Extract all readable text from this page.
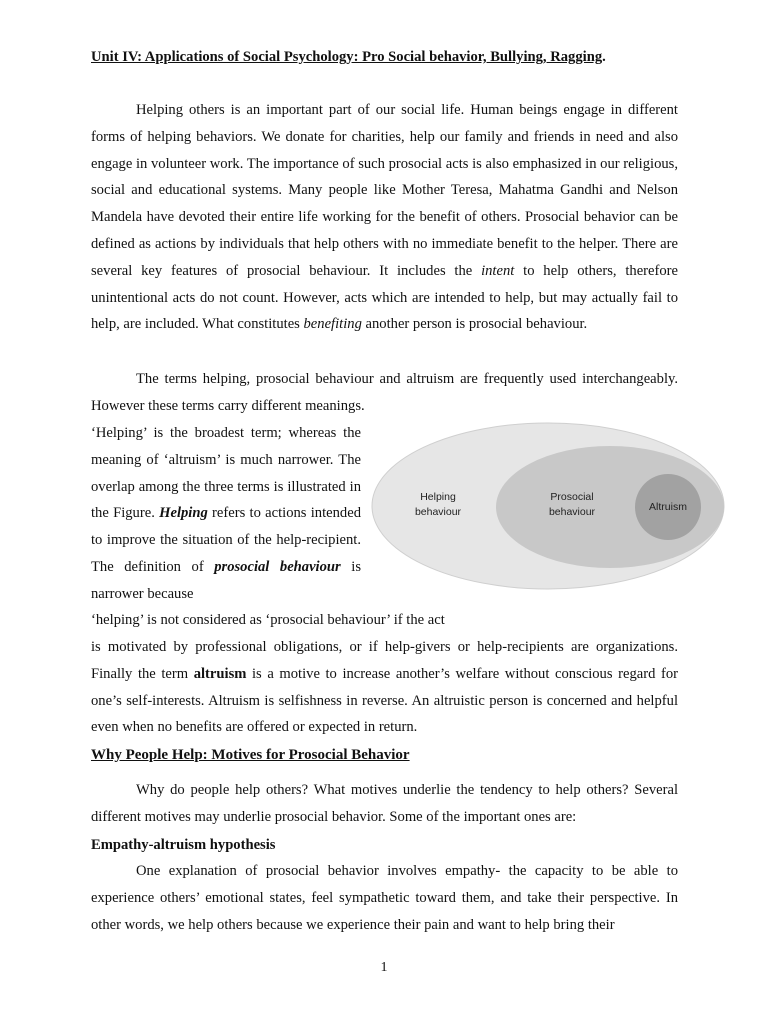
Unit IV: Applications of Social Psychology: Pro Social behavior, Bullying, Ragging.

Helping others is an important part of our social life. Human beings engage in different forms of helping behaviors. We donate for charities, help our family and friends in need and also engage in volunteer work. The importance of such prosocial acts is also emphasized in our religious, social and educational systems. Many people like Mother Teresa, Mahatma Gandhi and Nelson Mandela have devoted their entire life working for the benefit of others. Prosocial behavior can be defined as actions by individuals that help others with no immediate benefit to the helper. There are several key features of prosocial behaviour. It includes the intent to help others, therefore unintentional acts do not count. However, acts which are intended to help, but may actually fail to help, are included. What constitutes benefiting another person is prosocial behaviour.

The terms helping, prosocial behaviour and altruism are frequently used interchangeably. However these terms carry different meanings.

‘Helping’ is the broadest term; whereas the meaning of ‘altruism’ is much narrower. The overlap among the three terms is illustrated in the Figure. Helping refers to actions intended to improve the situation of the help-recipient. The definition of prosocial behaviour is narrower because

‘helping’ is not considered as ‘prosocial behaviour’ if the act

is motivated by professional obligations, or if help-givers or help-recipients are organizations. Finally the term altruism is a motive to increase another’s welfare without conscious regard for one’s self-interests. Altruism is selfishness in reverse. An altruistic person is concerned and helpful even when no benefits are offered or expected in return.

Why People Help: Motives for Prosocial Behavior

Why do people help others? What motives underlie the tendency to help others? Several different motives may underlie prosocial behavior. Some of the important ones are:

Empathy-altruism hypothesis

One explanation of prosocial behavior involves empathy- the capacity to be able to experience others’ emotional states, feel sympathetic toward them, and take their perspective. In other words, we help others because we experience their pain and want to help bring their

Helping
behaviour
Prosocial
behaviour	Altruism

1
